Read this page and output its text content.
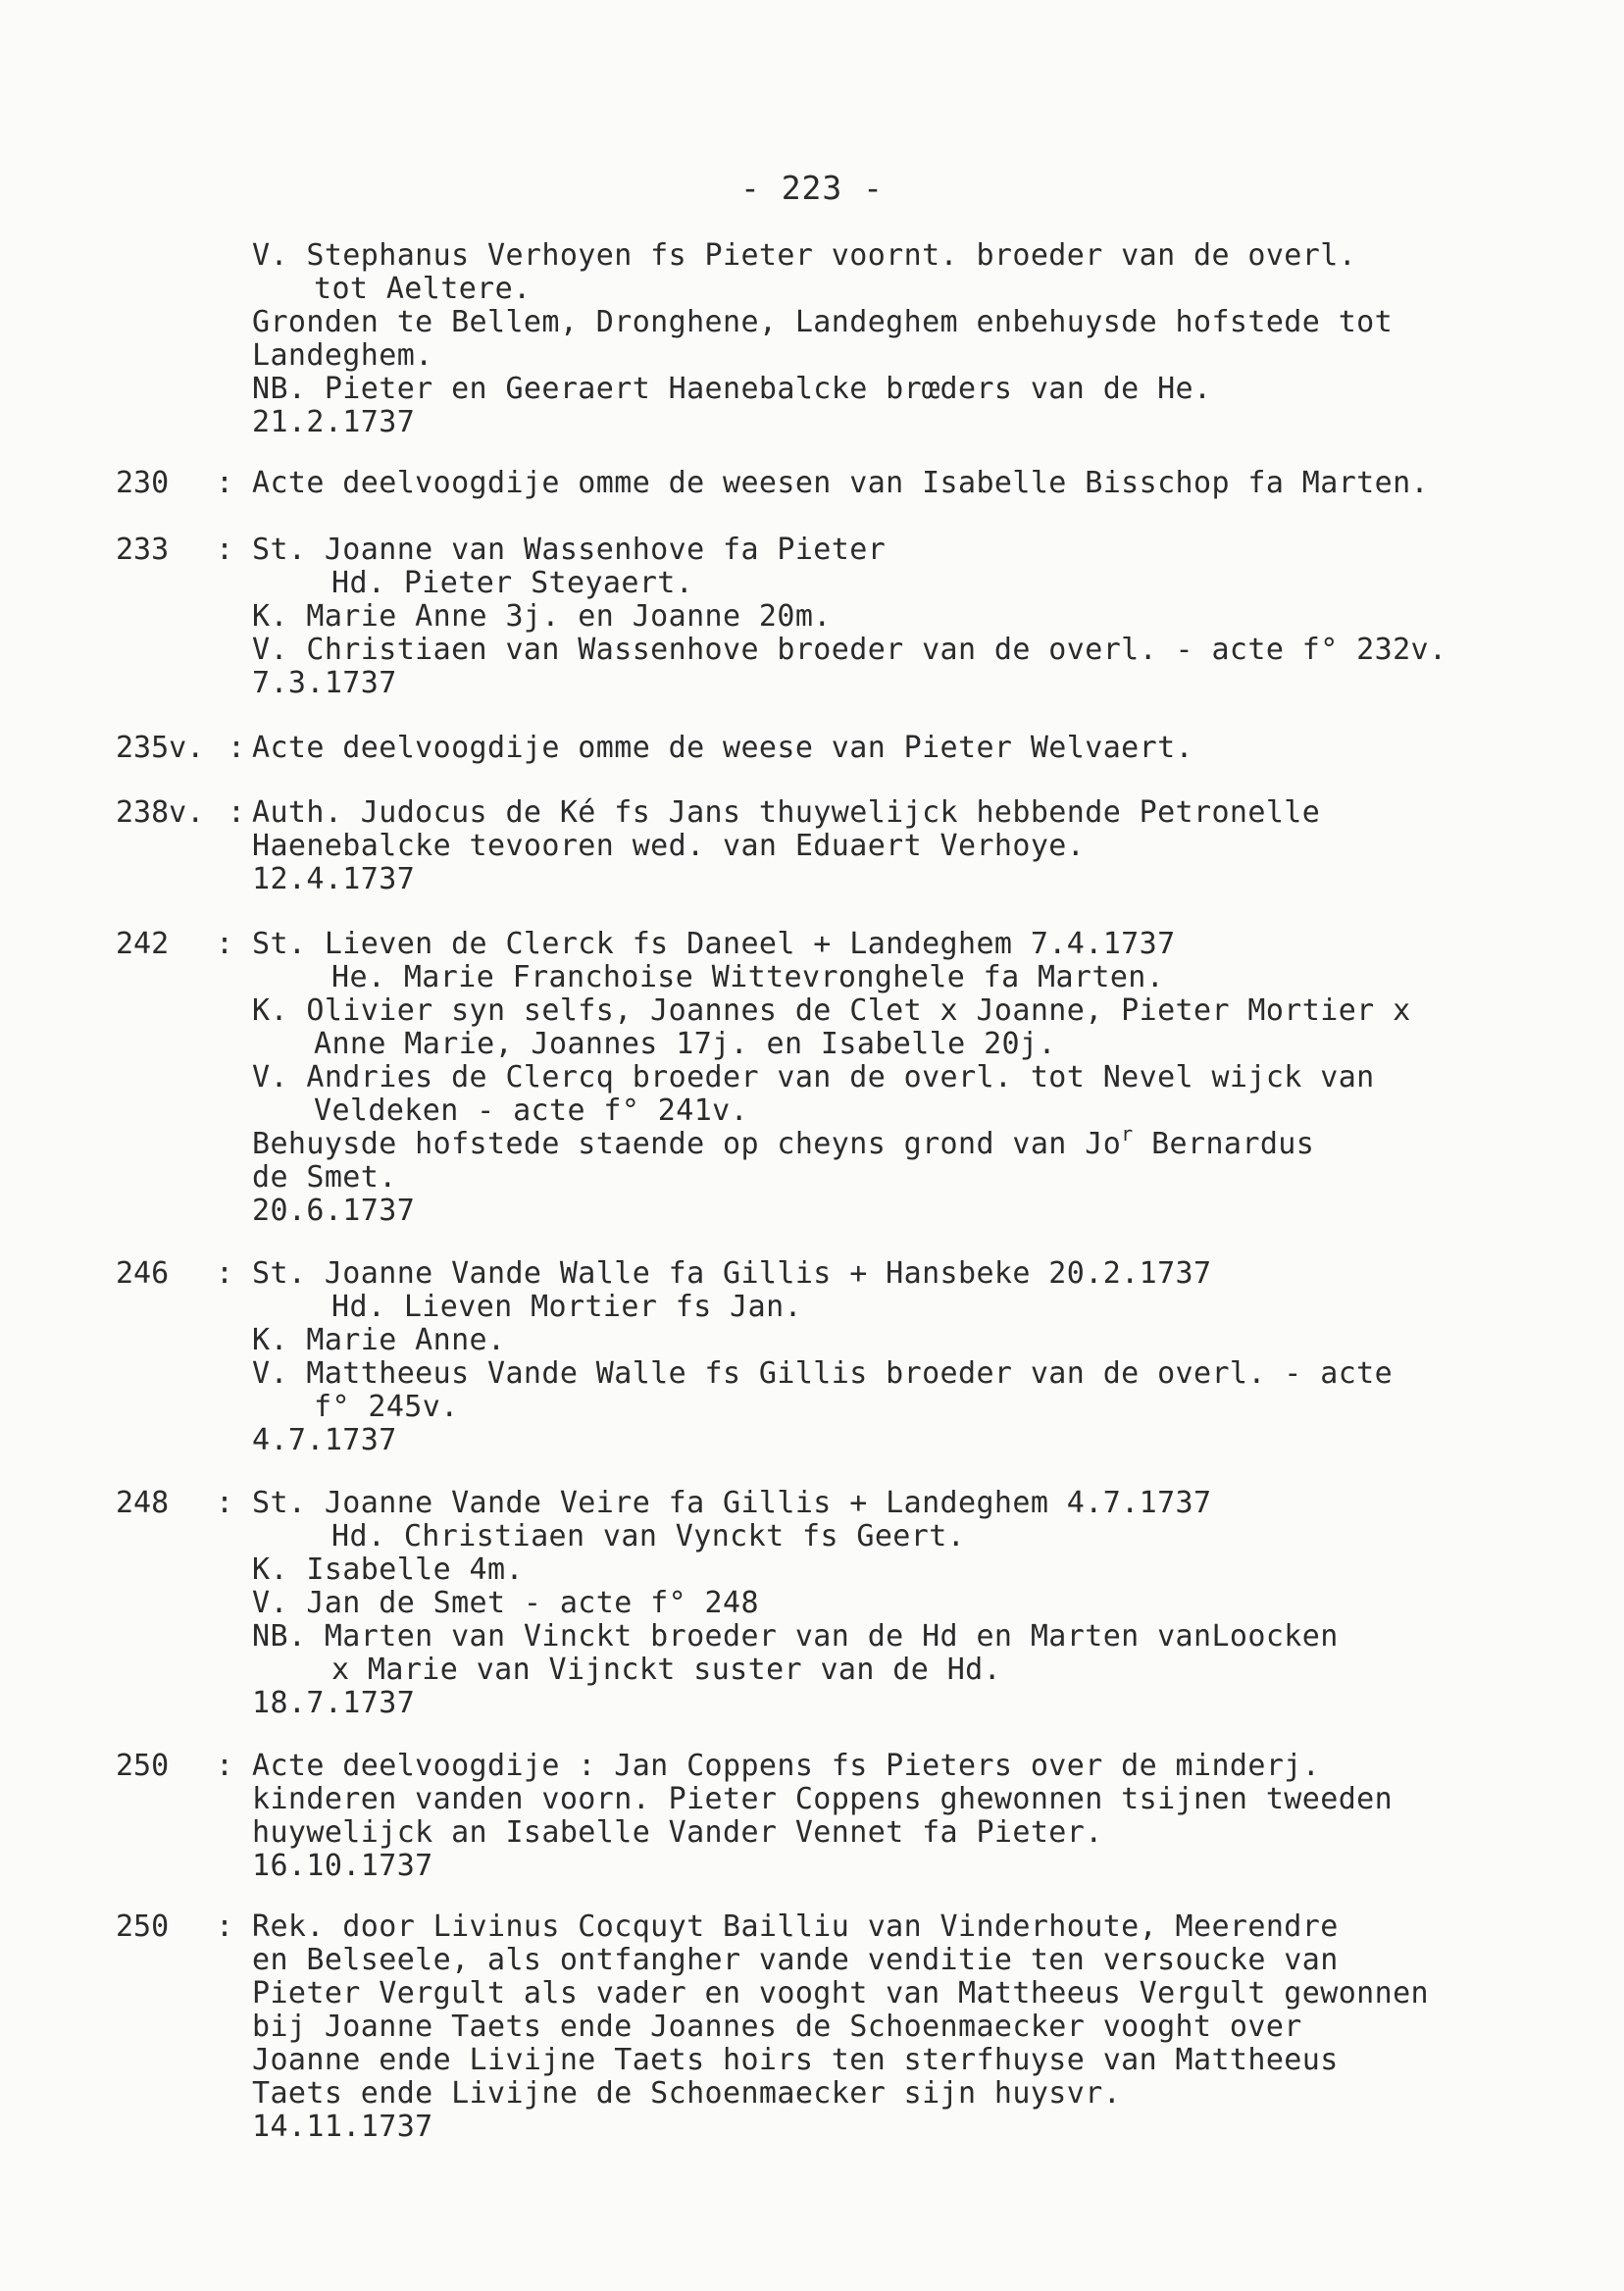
- 223 -
V. Stephanus Verhoyen fs Pieter voornt. broeder van de overl.
tot Aeltere.
Gronden te Bellem, Dronghene, Landeghem enbehuysde hofstede tot
Landeghem.
NB. Pieter en Geeraert Haenebalcke brœders van de He.
21.2.1737
230 : Acte deelvoogdije omme de weesen van Isabelle Bisschop fa Marten.
233 : St. Joanne van Wassenhove fa Pieter
Hd. Pieter Steyaert.
K. Marie Anne 3j. en Joanne 20m.
V. Christiaen van Wassenhove broeder van de overl. - acte f° 232v.
7.3.1737
235v. : Acte deelvoogdije omme de weese van Pieter Welvaert.
238v. : Auth. Judocus de Ké fs Jans thuywelijck hebbende Petronelle
Haenebalcke tevooren wed. van Eduaert Verhoye.
12.4.1737
242 : St. Lieven de Clerck fs Daneel + Landeghem 7.4.1737
He. Marie Franchoise Wittevronghele fa Marten.
K. Olivier syn selfs, Joannes de Clet x Joanne, Pieter Mortier x
Anne Marie, Joannes 17j. en Isabelle 20j.
V. Andries de Clercq broeder van de overl. tot Nevel wijck van
Veldeken - acte f° 241v.
Behuysde hofstede staende op cheyns grond van Jo$^r$ Bernardus
de Smet.
20.6.1737
246 : St. Joanne Vande Walle fa Gillis + Hansbeke 20.2.1737
Hd. Lieven Mortier fs Jan.
K. Marie Anne.
V. Mattheeus Vande Walle fs Gillis broeder van de overl. - acte
f° 245v.
4.7.1737
248 : St. Joanne Vande Veire fa Gillis + Landeghem 4.7.1737
Hd. Christiaen van Vynckt fs Geert.
K. Isabelle 4m.
V. Jan de Smet - acte f° 248
NB. Marten van Vinckt broeder van de Hd en Marten vanLoocken
x Marie van Vijnckt suster van de Hd.
18.7.1737
250 : Acte deelvoogdije : Jan Coppens fs Pieters over de minderj.
kinderen vanden voorn. Pieter Coppens ghewonnen tsijnen tweeden
huywelijck an Isabelle Vander Vennet fa Pieter.
16.10.1737
250 : Rek. door Livinus Cocquyt Bailliu van Vinderhoute, Meerendre
en Belseele, als ontfangher vande venditie ten versoucke van
Pieter Vergult als vader en vooght van Mattheeus Vergult gewonnen
bij Joanne Taets ende Joannes de Schoenmaecker vooght over
Joanne ende Livijne Taets hoirs ten sterfhuyse van Mattheeus
Taets ende Livijne de Schoenmaecker sijn huysvr.
14.11.1737
